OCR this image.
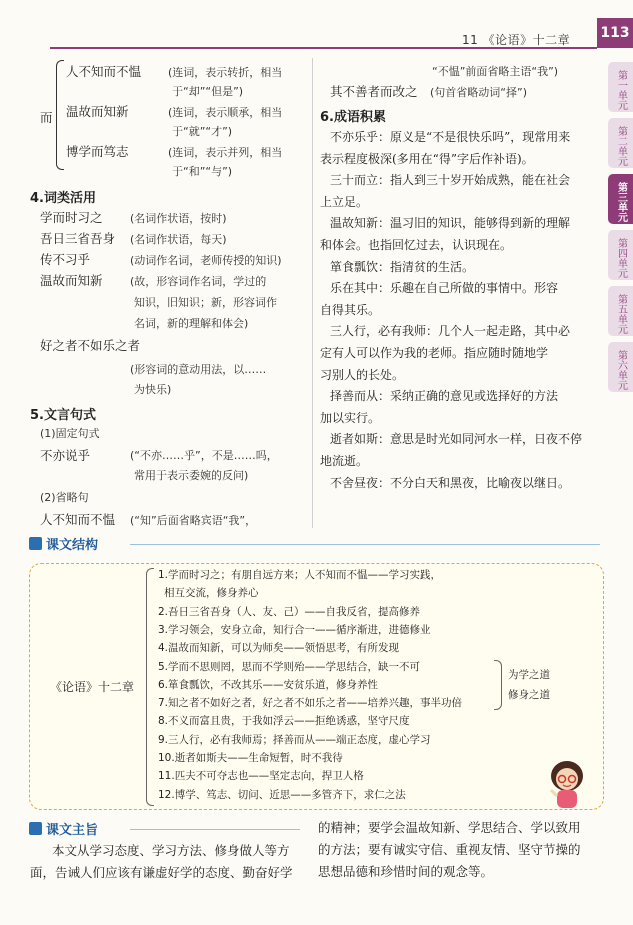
11 《论语》十二章 113
第一单元
第二单元
第三单元
第四单元
第五单元
第六单元
而
人不知而不愠 (连词，表示转折，相当
于“却”“但是”)
温故而知新	(连词，表示顺承，相当
于“就”“才”)
博学而笃志	(连词，表示并列，相当
于“和”“与”)
4.词类活用
学而时习之 (名词作状语，按时)
吾日三省吾身 (名词作状语，每天)
传不习乎	(动词作名词，老师传授的知识)
温故而知新 (故，形容词作名词，学过的
知识，旧知识；新，形容词作
名词，新的理解和体会)
好之者不如乐之者
(形容词的意动用法，以……
为快乐)
5.文言句式
(1)固定句式
不亦说乎	(“不亦……乎”，不是……吗，
常用于表示委婉的反问)
(2)省略句
人不知而不愠 (“知”后面省略宾语“我”，
“不愠”前面省略主语“我”)
其不善者而改之 (句首省略动词“择”)
6.成语积累
不亦乐乎：原义是“不是很快乐吗”，现常用来
表示程度极深(多用在“得”字后作补语)。
三十而立：指人到三十岁开始成熟，能在社会
上立足。
温故知新：温习旧的知识，能够得到新的理解
和体会。也指回忆过去，认识现在。
箪食瓢饮：指清贫的生活。
乐在其中：乐趣在自己所做的事情中。形容
自得其乐。
三人行，必有我师：几个人一起走路，其中必
定有人可以作为我的老师。指应随时随地学
习别人的长处。
择善而从：采纳正确的意见或选择好的方法
加以实行。
逝者如斯：意思是时光如同河水一样，日夜不停
地流逝。
不舍昼夜：不分白天和黑夜，比喻夜以继日。
课文结构
《论语》十二章
1.学而时习之；有朋自远方来；人不知而不愠——学习实践，
相互交流，修身养心
2.吾日三省吾身（人、友、己）——自我反省，提高修养
3.学习领会，安身立命，知行合一——循序渐进，进德修业
4.温故而知新，可以为师矣——领悟思考，有所发现
5.学而不思则罔，思而不学则殆——学思结合，缺一不可
6.箪食瓢饮，不改其乐——安贫乐道，修身养性
7.知之者不如好之者，好之者不如乐之者——培养兴趣，事半功倍
8.不义而富且贵，于我如浮云——拒绝诱惑，坚守尺度
9.三人行，必有我师焉；择善而从——端正态度，虚心学习
10.逝者如斯夫——生命短暂，时不我待
11.匹夫不可夺志也——坚定志向，捍卫人格
12.博学、笃志、切问、近思——多管齐下，求仁之法
为学之道
修身之道
课文主旨
本文从学习态度、学习方法、修身做人等方
面，告诫人们应该有谦虚好学的态度、勤奋好学
的精神；要学会温故知新、学思结合、学以致用
的方法；要有诚实守信、重视友情、坚守节操的
思想品德和珍惜时间的观念等。
